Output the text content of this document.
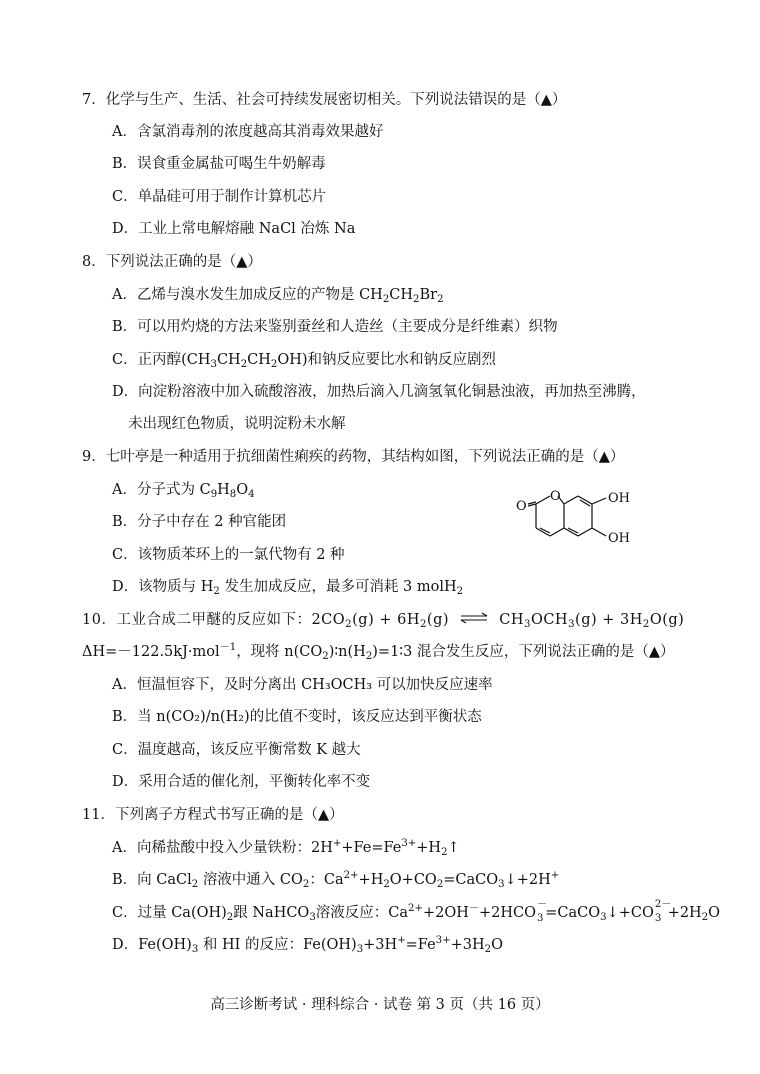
7．化学与生产、生活、社会可持续发展密切相关。下列说法错误的是（▲）
A．含氯消毒剂的浓度越高其消毒效果越好
B．误食重金属盐可喝生牛奶解毒
C．单晶硅可用于制作计算机芯片
D．工业上常电解熔融 NaCl 冶炼 Na
8．下列说法正确的是（▲）
A．乙烯与溴水发生加成反应的产物是 $CH_2CH_2Br_2$
B．可以用灼烧的方法来鉴别蚕丝和人造丝（主要成分是纤维素）织物
C．正丙醇$(CH_3CH_2CH_2OH)$和钠反应要比水和钠反应剧烈
D．向淀粉溶液中加入硫酸溶液，加热后滴入几滴氢氧化铜悬浊液，再加热至沸腾，
未出现红色物质，说明淀粉未水解
9．七叶亭是一种适用于抗细菌性痢疾的药物，其结构如图，下列说法正确的是（▲）
A．分子式为 $C_9H_8O_4$
B．分子中存在 2 种官能团
C．该物质苯环上的一氯代物有 2 种
D．该物质与 $H_2$ 发生加成反应，最多可消耗 3 molH$_2$
O
O	OH
OH
10．工业合成二甲醚的反应如下：$2CO_2(g) + 6H_2(g)$ ⇌ $CH_3OCH_3(g) + 3H_2O(g)$
ΔH=－122.5kJ·mol$^{-1}$，现将 $n(CO_2)∶n(H_2)=1∶3$ 混合发生反应，下列说法正确的是（▲）
A．恒温恒容下，及时分离出 CH₃OCH₃ 可以加快反应速率
B．当 n(CO₂)/n(H₂)的比值不变时，该反应达到平衡状态
C．温度越高，该反应平衡常数 K 越大
D．采用合适的催化剂，平衡转化率不变
11．下列离子方程式书写正确的是（▲）
A．向稀盐酸中投入少量铁粉：$2H^++Fe=Fe^{3+}+H_2↑$
B．向 CaCl$_2$ 溶液中通入 $CO_2$：$Ca^{2+}+H_2O+CO_2=CaCO_3↓+2H^+$
C．过量 $Ca(OH)_2$跟 NaHCO$_3$溶液反应：$Ca^{2+}+2OH^-+2HCO$
－
3 =CaCO$_3$↓+CO
2－
$3 +2H_2O$
D．$Fe(OH)_3$ 和 HI 的反应：$Fe(OH)_3+3H^+=Fe^{3+}+3H_2O$
高三诊断考试 · 理科综合 · 试卷 第 3 页（共 16 页）
